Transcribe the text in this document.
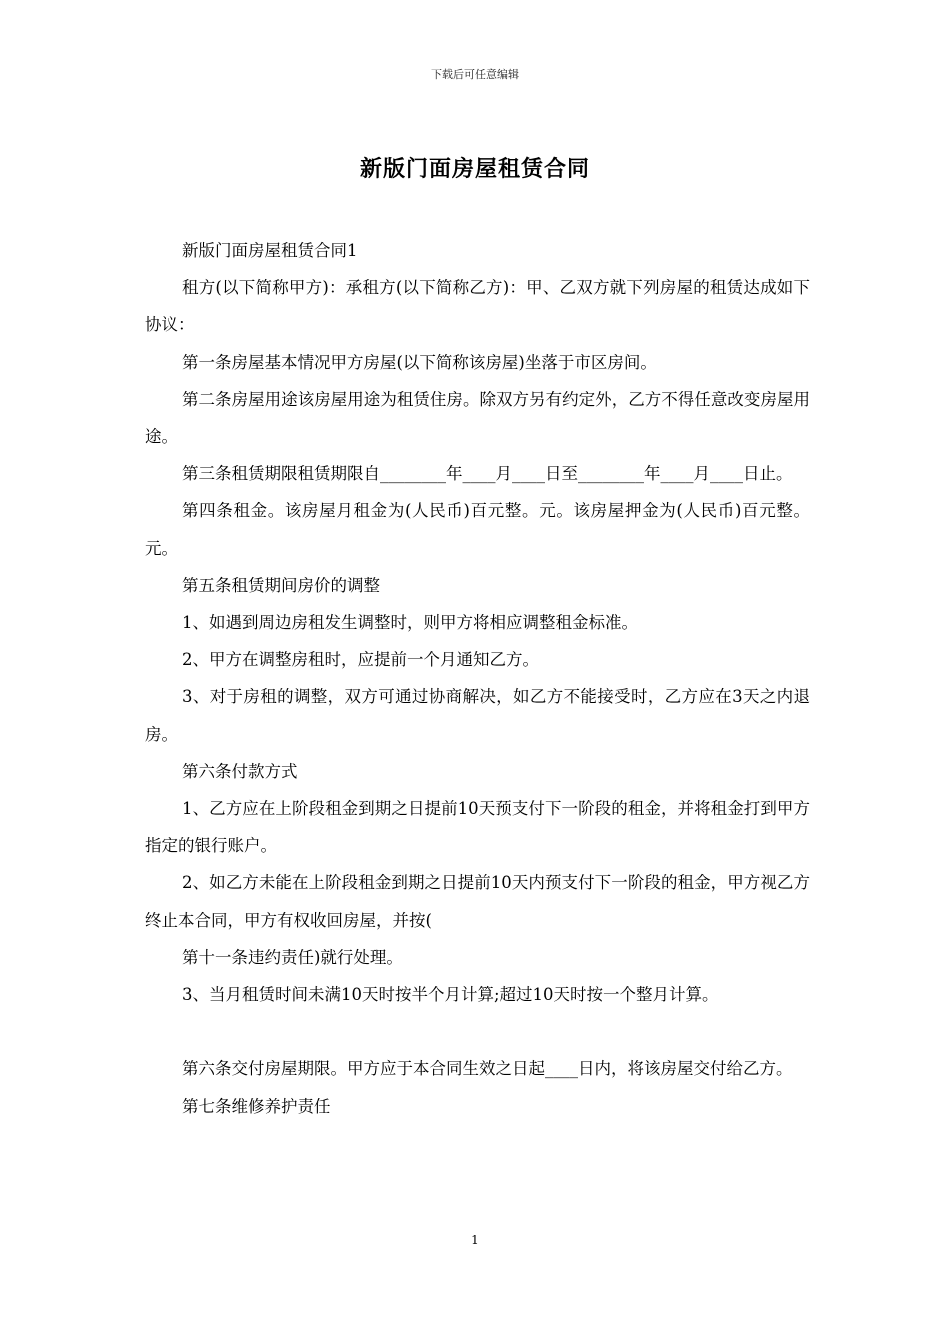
下载后可任意编辑
新版门面房屋租赁合同

新版门面房屋租赁合同1

租方(以下简称甲方)：承租方(以下简称乙方)：甲、乙双方就下列房屋的租赁达成如下协议：

第一条房屋基本情况甲方房屋(以下简称该房屋)坐落于市区房间。

第二条房屋用途该房屋用途为租赁住房。除双方另有约定外，乙方不得任意改变房屋用途。

第三条租赁期限租赁期限自________年____月____日至________年____月____日止。

第四条租金。该房屋月租金为(人民币)百元整。元。该房屋押金为(人民币)百元整。元。

第五条租赁期间房价的调整

1、如遇到周边房租发生调整时，则甲方将相应调整租金标准。

2、甲方在调整房租时，应提前一个月通知乙方。

3、对于房租的调整，双方可通过协商解决，如乙方不能接受时，乙方应在3天之内退房。

第六条付款方式

1、乙方应在上阶段租金到期之日提前10天预支付下一阶段的租金，并将租金打到甲方指定的银行账户。

2、如乙方未能在上阶段租金到期之日提前10天内预支付下一阶段的租金，甲方视乙方终止本合同，甲方有权收回房屋，并按(

第十一条违约责任)就行处理。

3、当月租赁时间未满10天时按半个月计算;超过10天时按一个整月计算。

第六条交付房屋期限。甲方应于本合同生效之日起____日内，将该房屋交付给乙方。

第七条维修养护责任

1
